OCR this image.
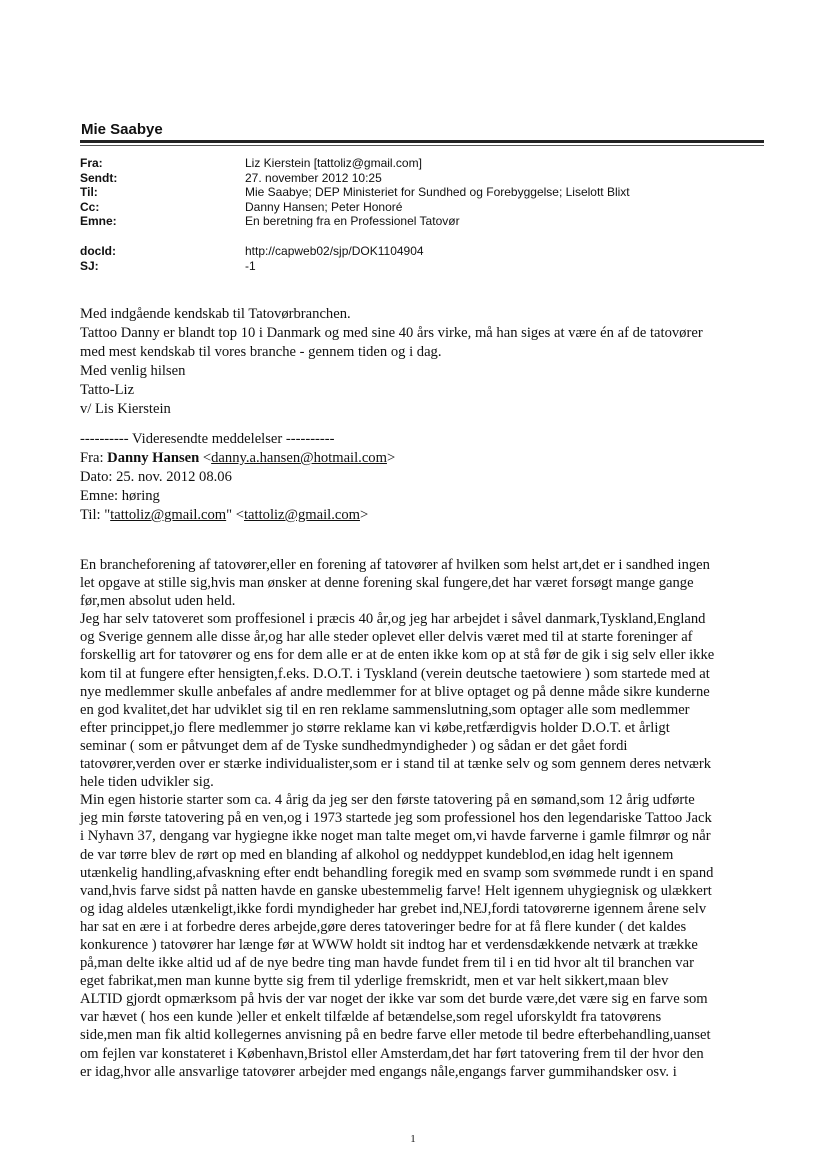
Mie Saabye
Fra:	Liz Kierstein [tattoliz@gmail.com]
Sendt:	27. november 2012 10:25
Til:	Mie Saabye; DEP Ministeriet for Sundhed og Forebyggelse; Liselott Blixt
Cc:	Danny Hansen; Peter Honoré
Emne:	En beretning fra en Professionel Tatovør
docId:	http://capweb02/sjp/DOK1104904
SJ:	-1
Med indgående kendskab til Tatovørbranchen.
Tattoo Danny er blandt top 10 i Danmark og med sine 40 års virke, må han siges at være én af de tatovører
med mest kendskab til vores branche - gennem tiden og i dag.
Med venlig hilsen
Tatto-Liz
v/ Lis Kierstein
---------- Videresendte meddelelser ----------
Fra: Danny Hansen <danny.a.hansen@hotmail.com>
Dato: 25. nov. 2012 08.06
Emne: høring
Til: "tattoliz@gmail.com" <tattoliz@gmail.com>
En brancheforening af tatovører,eller en forening af tatovører af hvilken som helst art,det er i sandhed ingen
let opgave at stille sig,hvis man ønsker at denne forening skal fungere,det har været forsøgt mange gange
før,men absolut uden held.
Jeg har selv tatoveret som proffesionel i præcis 40 år,og jeg har arbejdet i såvel danmark,Tyskland,England
og Sverige gennem alle disse år,og har alle steder oplevet eller delvis været med til at starte foreninger af
forskellig art for tatovører og ens for dem alle er at de enten ikke kom op at stå før de gik i sig selv eller ikke
kom til at fungere efter hensigten,f.eks. D.O.T. i Tyskland (verein deutsche taetowiere ) som startede med at
nye medlemmer skulle anbefales af andre medlemmer for at blive optaget og på denne måde sikre kunderne
en god kvalitet,det har udviklet sig til en ren reklame sammenslutning,som optager alle som medlemmer
efter princippet,jo flere medlemmer jo større reklame kan vi købe,retfærdigvis holder D.O.T. et årligt
seminar ( som er påtvunget dem af de Tyske sundhedmyndigheder ) og sådan er det gået fordi
tatovører,verden over er stærke individualister,som er i stand til at tænke selv og som gennem deres netværk
hele tiden udvikler sig.
Min egen historie starter som ca. 4 årig da jeg ser den første tatovering på en sømand,som 12 årig udførte
jeg min første tatovering på en ven,og i 1973 startede jeg som professionel hos den legendariske Tattoo Jack
i Nyhavn 37, dengang var hygiegne ikke noget man talte meget om,vi havde farverne i gamle filmrør og når
de var tørre blev de rørt op med en blanding af alkohol og neddyppet kundeblod,en idag helt igennem
utænkelig handling,afvaskning efter endt behandling foregik med en svamp som svømmede rundt i en spand
vand,hvis farve sidst på natten havde en ganske ubestemmelig farve! Helt igennem uhygiegnisk og ulækkert
og idag aldeles utænkeligt,ikke fordi myndigheder har grebet ind,NEJ,fordi tatovørerne igennem årene selv
har sat en ære i at forbedre deres arbejde,gøre deres tatoveringer bedre for at få flere kunder ( det kaldes
konkurence ) tatovører har længe før at WWW holdt sit indtog har et verdensdækkende netværk at trække
på,man delte ikke altid ud af de nye bedre ting man havde fundet frem til i en tid hvor alt til branchen var
eget fabrikat,men man kunne bytte sig frem til yderlige fremskridt, men et var helt sikkert,maan blev
ALTID gjordt opmærksom på hvis der var noget der ikke var som det burde være,det være sig en farve som
var hævet ( hos een kunde )eller et enkelt tilfælde af betændelse,som regel uforskyldt fra tatovørens
side,men man fik altid kollegernes anvisning på en bedre farve eller metode til bedre efterbehandling,uanset
om fejlen var konstateret i København,Bristol eller Amsterdam,det har ført tatovering frem til der hvor den
er idag,hvor alle ansvarlige tatovører arbejder med engangs nåle,engangs farver gummihandsker osv. i
1
